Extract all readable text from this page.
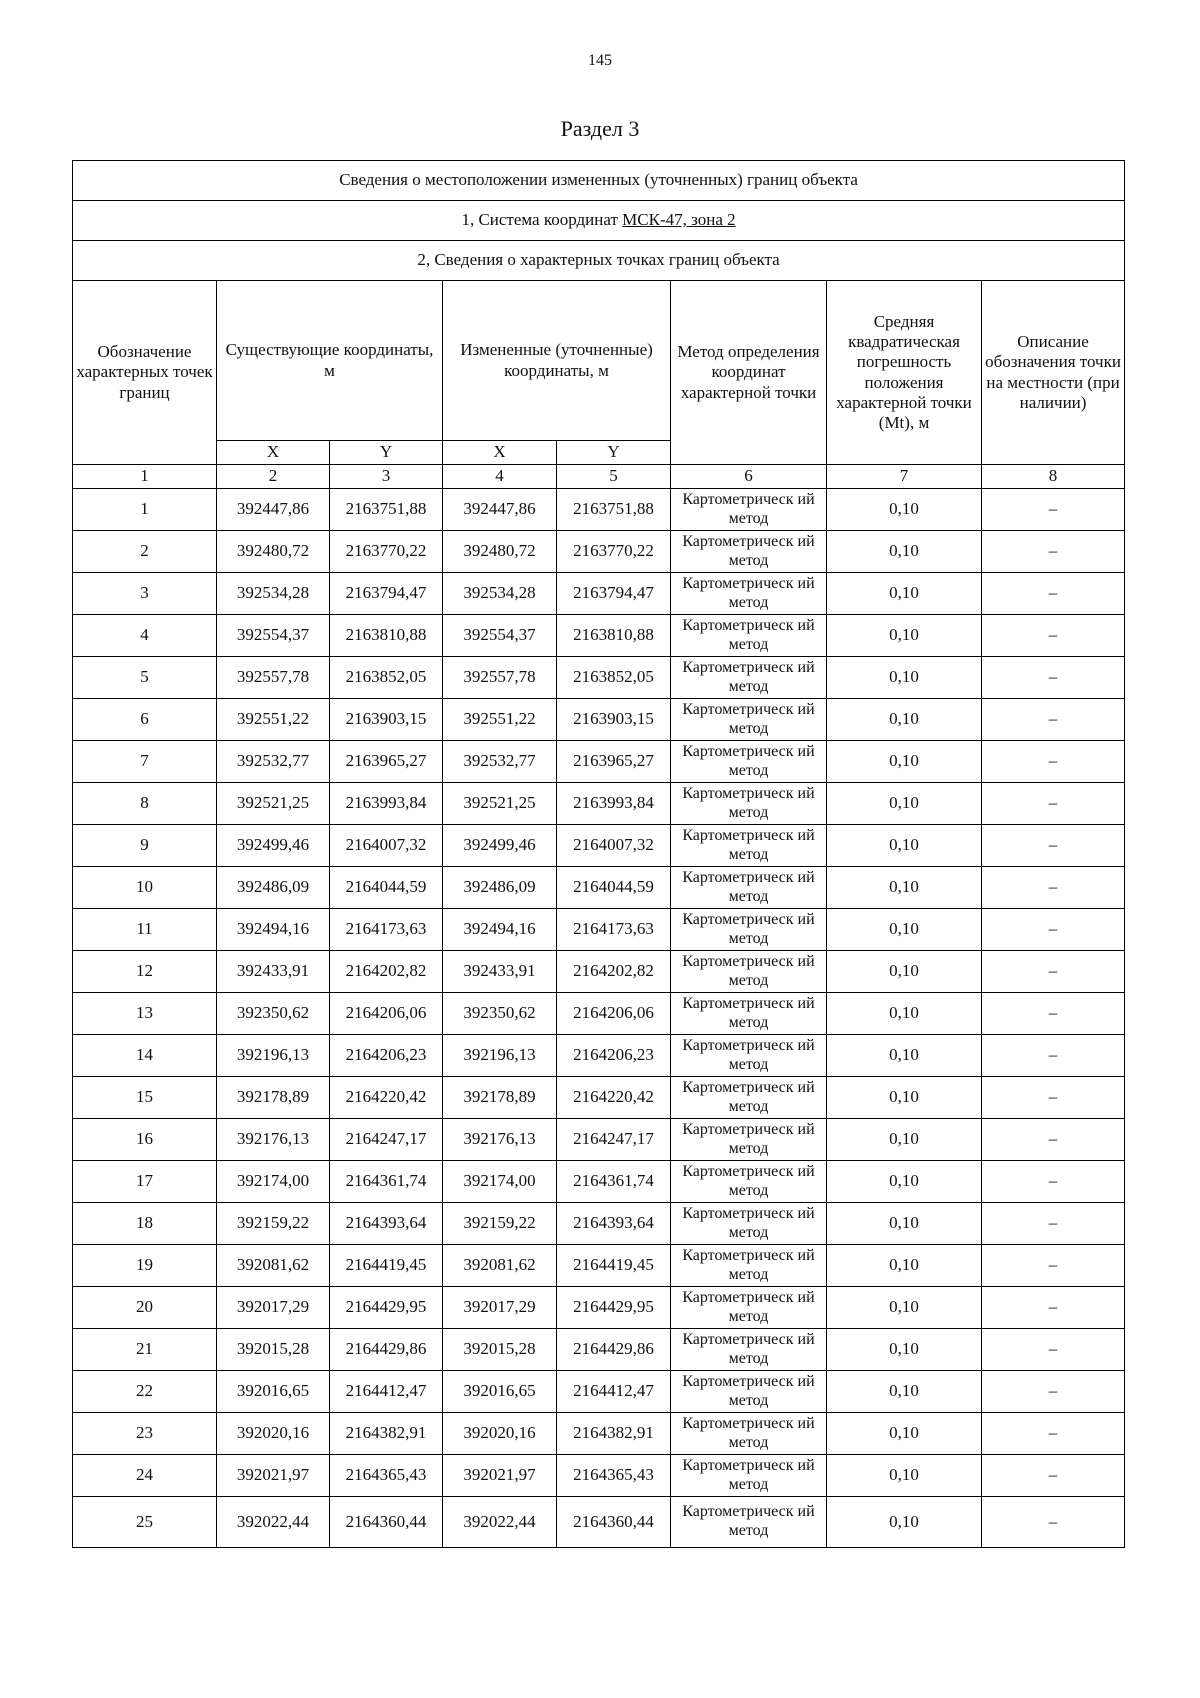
145
Раздел 3
Сведения о местоположении измененных (уточненных) границ объекта							
1, Система координат МСК-47, зона 2							
2, Сведения о характерных точках границ объекта							
Обозначение характерных точек границ	Существующие координаты, м		Измененные (уточненные) координаты, м		Метод определения координат характерной точки	Средняя квадратическая погрешность положения характерной точки (Mt), м	Описание обозначения точки на местности (при наличии)
	X	Y	X	Y			
1	2	3	4	5	6	7	8
1	392447,86	2163751,88	392447,86	2163751,88	Картометрическ ий метод	0,10	–
2	392480,72	2163770,22	392480,72	2163770,22	Картометрическ ий метод	0,10	–
3	392534,28	2163794,47	392534,28	2163794,47	Картометрическ ий метод	0,10	–
4	392554,37	2163810,88	392554,37	2163810,88	Картометрическ ий метод	0,10	–
5	392557,78	2163852,05	392557,78	2163852,05	Картометрическ ий метод	0,10	–
6	392551,22	2163903,15	392551,22	2163903,15	Картометрическ ий метод	0,10	–
7	392532,77	2163965,27	392532,77	2163965,27	Картометрическ ий метод	0,10	–
8	392521,25	2163993,84	392521,25	2163993,84	Картометрическ ий метод	0,10	–
9	392499,46	2164007,32	392499,46	2164007,32	Картометрическ ий метод	0,10	–
10	392486,09	2164044,59	392486,09	2164044,59	Картометрическ ий метод	0,10	–
11	392494,16	2164173,63	392494,16	2164173,63	Картометрическ ий метод	0,10	–
12	392433,91	2164202,82	392433,91	2164202,82	Картометрическ ий метод	0,10	–
13	392350,62	2164206,06	392350,62	2164206,06	Картометрическ ий метод	0,10	–
14	392196,13	2164206,23	392196,13	2164206,23	Картометрическ ий метод	0,10	–
15	392178,89	2164220,42	392178,89	2164220,42	Картометрическ ий метод	0,10	–
16	392176,13	2164247,17	392176,13	2164247,17	Картометрическ ий метод	0,10	–
17	392174,00	2164361,74	392174,00	2164361,74	Картометрическ ий метод	0,10	–
18	392159,22	2164393,64	392159,22	2164393,64	Картометрическ ий метод	0,10	–
19	392081,62	2164419,45	392081,62	2164419,45	Картометрическ ий метод	0,10	–
20	392017,29	2164429,95	392017,29	2164429,95	Картометрическ ий метод	0,10	–
21	392015,28	2164429,86	392015,28	2164429,86	Картометрическ ий метод	0,10	–
22	392016,65	2164412,47	392016,65	2164412,47	Картометрическ ий метод	0,10	–
23	392020,16	2164382,91	392020,16	2164382,91	Картометрическ ий метод	0,10	–
24	392021,97	2164365,43	392021,97	2164365,43	Картометрическ ий метод	0,10	–
25	392022,44	2164360,44	392022,44	2164360,44	Картометрическ ий метод	0,10	–
